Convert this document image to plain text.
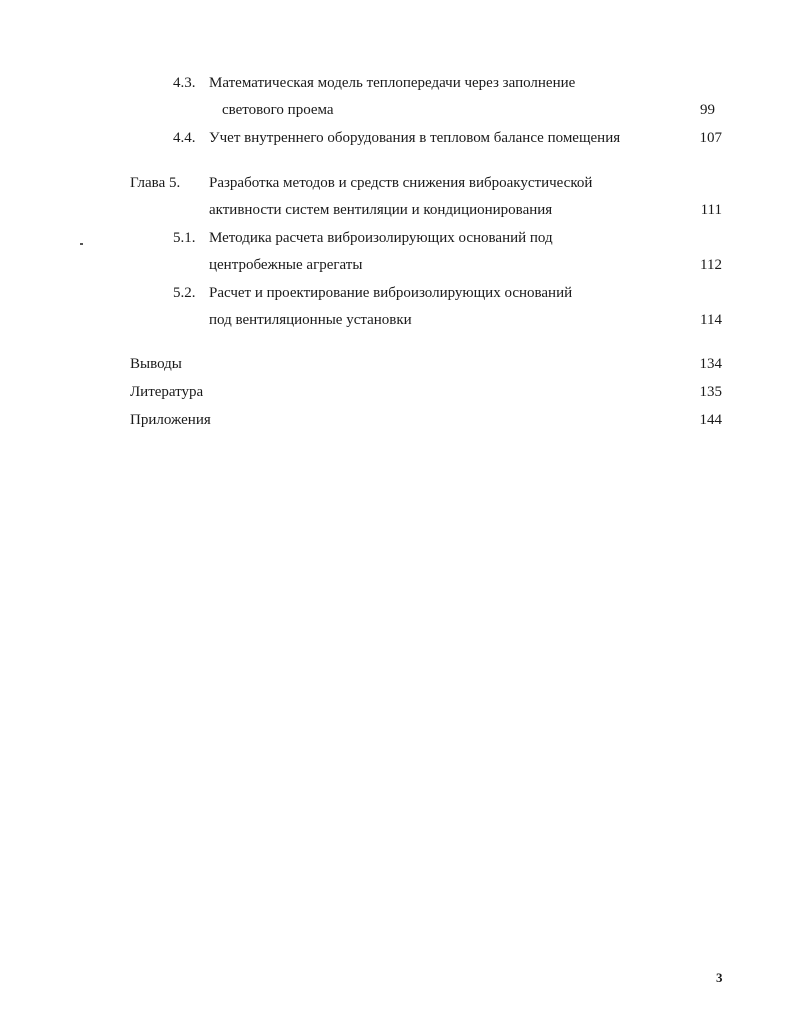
4.3. Математическая модель теплопередачи через заполнение
светового проема	99
4.4. Учет внутреннего оборудования в тепловом балансе помещения	107
Глава 5. Разработка методов и средств снижения виброакустической
активности систем вентиляции и кондиционирования	111
5.1. Методика расчета виброизолирующих оснований под
центробежные агрегаты	112
5.2. Расчет и проектирование виброизолирующих оснований
под вентиляционные установки	114
Выводы	134
Литература	135
Приложения	144
3
